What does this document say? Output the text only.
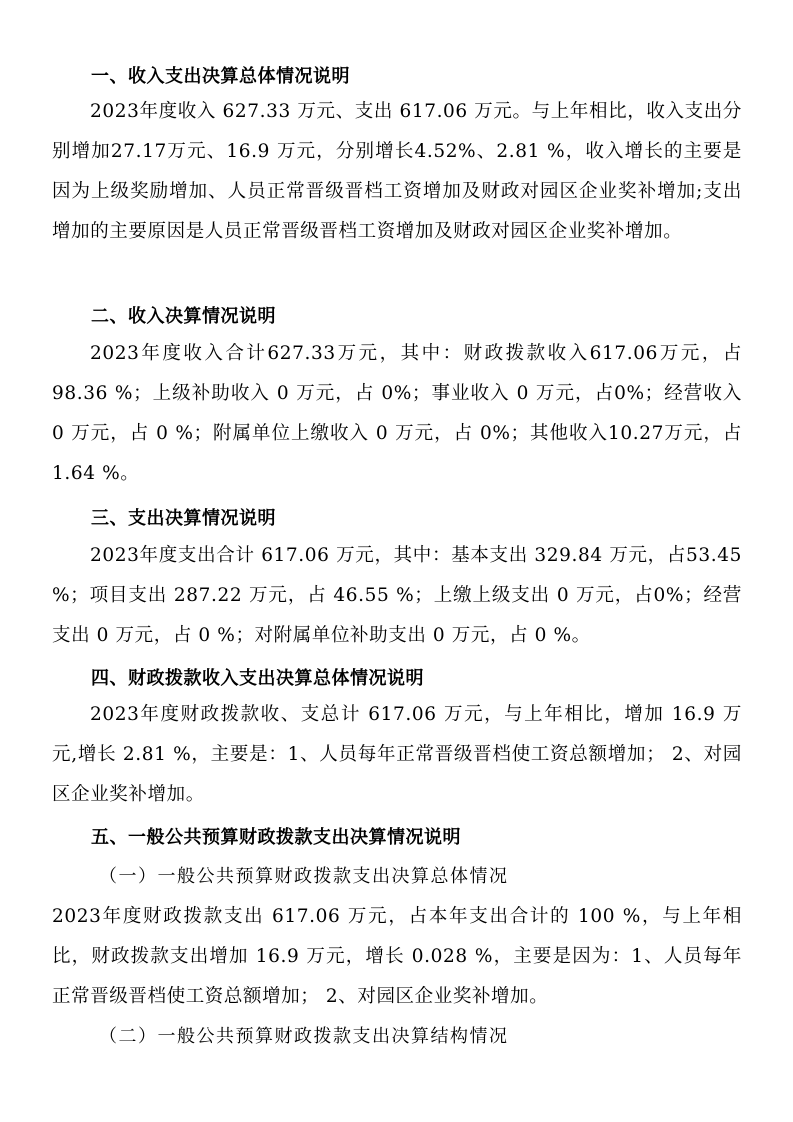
一、收入支出决算总体情况说明

2023年度收入 627.33 万元、支出 617.06 万元。与上年相比，收入支出分别增加27.17万元、16.9 万元，分别增长4.52%、2.81 %，收入增长的主要是因为上级奖励增加、人员正常晋级晋档工资增加及财政对园区企业奖补增加;支出增加的主要原因是人员正常晋级晋档工资增加及财政对园区企业奖补增加。

二、收入决算情况说明

2023年度收入合计627.33万元，其中：财政拨款收入617.06万元，占98.36 %；上级补助收入 0 万元，占 0%；事业收入 0 万元，占0%；经营收入 0 万元，占 0 %；附属单位上缴收入 0 万元，占 0%；其他收入10.27万元，占 1.64 %。

三、支出决算情况说明

2023年度支出合计 617.06 万元，其中：基本支出 329.84 万元，占53.45 %；项目支出 287.22 万元，占 46.55 %；上缴上级支出 0 万元，占0%；经营支出 0 万元，占 0 %；对附属单位补助支出 0 万元，占 0 %。

四、财政拨款收入支出决算总体情况说明

2023年度财政拨款收、支总计 617.06 万元，与上年相比，增加 16.9 万元,增长 2.81 %，主要是：1、人员每年正常晋级晋档使工资总额增加； 2、对园区企业奖补增加。

五、一般公共预算财政拨款支出决算情况说明
（一）一般公共预算财政拨款支出决算总体情况

2023年度财政拨款支出 617.06 万元，占本年支出合计的 100 %，与上年相比，财政拨款支出增加 16.9 万元，增长 0.028 %，主要是因为：1、人员每年正常晋级晋档使工资总额增加； 2、对园区企业奖补增加。

（二）一般公共预算财政拨款支出决算结构情况
